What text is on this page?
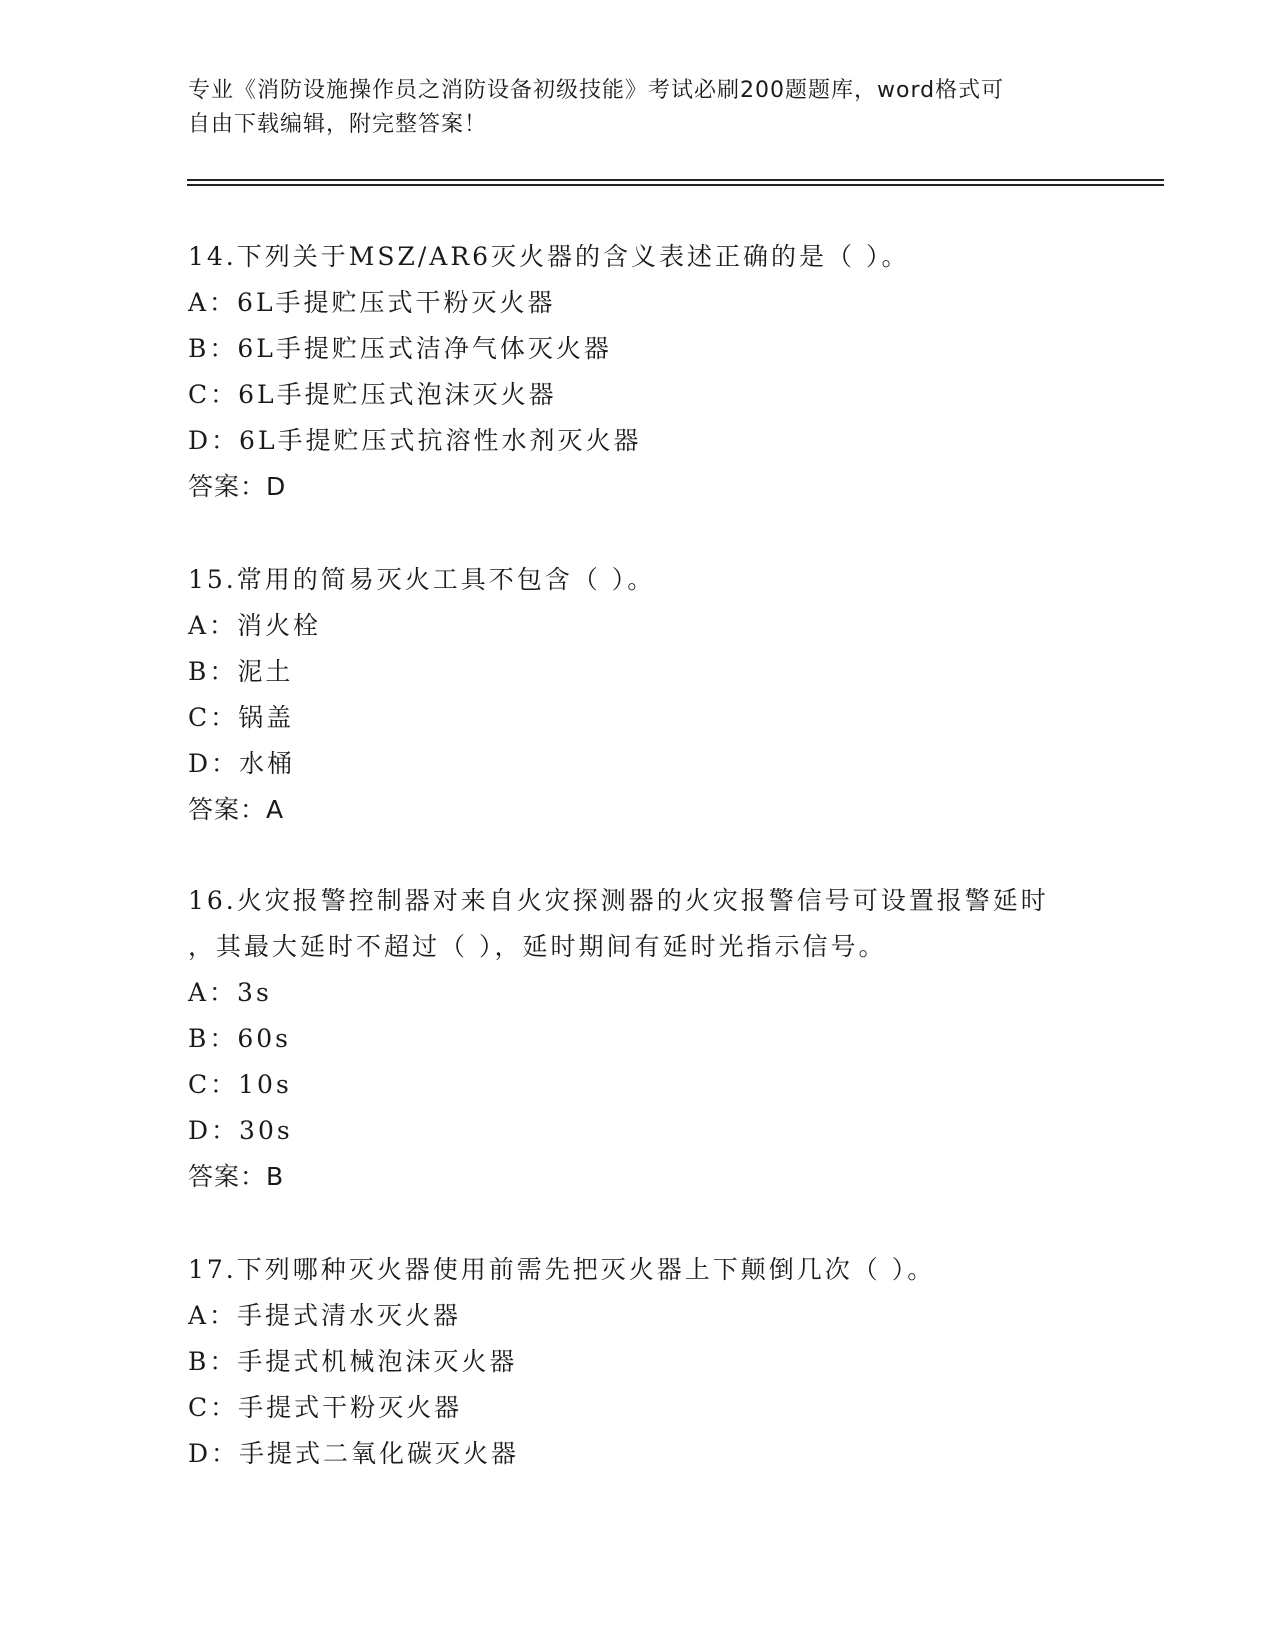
专业《消防设施操作员之消防设备初级技能》考试必刷200题题库，word格式可
自由下载编辑，附完整答案！
14.下列关于MSZ/AR6灭火器的含义表述正确的是（ ）。
A：6L手提贮压式干粉灭火器
B：6L手提贮压式洁净气体灭火器
C：6L手提贮压式泡沫灭火器
D：6L手提贮压式抗溶性水剂灭火器
答案：D
15.常用的简易灭火工具不包含（ ）。
A：消火栓
B：泥土
C：锅盖
D：水桶
答案：A
16.火灾报警控制器对来自火灾探测器的火灾报警信号可设置报警延时
，其最大延时不超过（ ），延时期间有延时光指示信号。
A：3s
B：60s
C：10s
D：30s
答案：B
17.下列哪种灭火器使用前需先把灭火器上下颠倒几次（ ）。
A：手提式清水灭火器
B：手提式机械泡沫灭火器
C：手提式干粉灭火器
D：手提式二氧化碳灭火器
